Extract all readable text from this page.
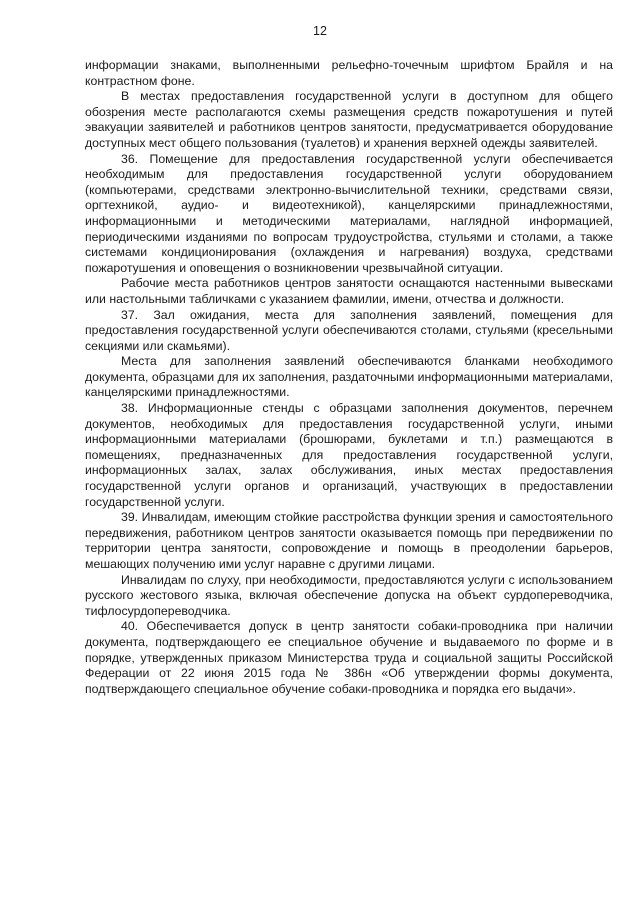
12

информации знаками, выполненными рельефно-точечным шрифтом Брайля и на контрастном фоне.

В местах предоставления государственной услуги в доступном для общего обозрения месте располагаются схемы размещения средств пожаротушения и путей эвакуации заявителей и работников центров занятости, предусматривается оборудование доступных мест общего пользования (туалетов) и хранения верхней одежды заявителей.

36. Помещение для предоставления государственной услуги обеспечивается необходимым для предоставления государственной услуги оборудованием (компьютерами, средствами электронно-вычислительной техники, средствами связи, оргтехникой, аудио- и видеотехникой), канцелярскими принадлежностями, информационными и методическими материалами, наглядной информацией, периодическими изданиями по вопросам трудоустройства, стульями и столами, а также системами кондиционирования (охлаждения и нагревания) воздуха, средствами пожаротушения и оповещения о возникновении чрезвычайной ситуации.

Рабочие места работников центров занятости оснащаются настенными вывесками или настольными табличками с указанием фамилии, имени, отчества и должности.

37. Зал ожидания, места для заполнения заявлений, помещения для предоставления государственной услуги обеспечиваются столами, стульями (кресельными секциями или скамьями).

Места для заполнения заявлений обеспечиваются бланками необходимого документа, образцами для их заполнения, раздаточными информационными материалами, канцелярскими принадлежностями.

38. Информационные стенды с образцами заполнения документов, перечнем документов, необходимых для предоставления государственной услуги, иными информационными материалами (брошюрами, буклетами и т.п.) размещаются в помещениях, предназначенных для предоставления государственной услуги, информационных залах, залах обслуживания, иных местах предоставления государственной услуги органов и организаций, участвующих в предоставлении государственной услуги.

39. Инвалидам, имеющим стойкие расстройства функции зрения и самостоятельного передвижения, работником центров занятости оказывается помощь при передвижении по территории центра занятости, сопровождение и помощь в преодолении барьеров, мешающих получению ими услуг наравне с другими лицами.

Инвалидам по слуху, при необходимости, предоставляются услуги с использованием русского жестового языка, включая обеспечение допуска на объект сурдопереводчика, тифлосурдопереводчика.

40. Обеспечивается допуск в центр занятости собаки-проводника при наличии документа, подтверждающего ее специальное обучение и выдаваемого по форме и в порядке, утвержденных приказом Министерства труда и социальной защиты Российской Федерации от 22 июня 2015 года № 386н «Об утверждении формы документа, подтверждающего специальное обучение собаки-проводника и порядка его выдачи».
